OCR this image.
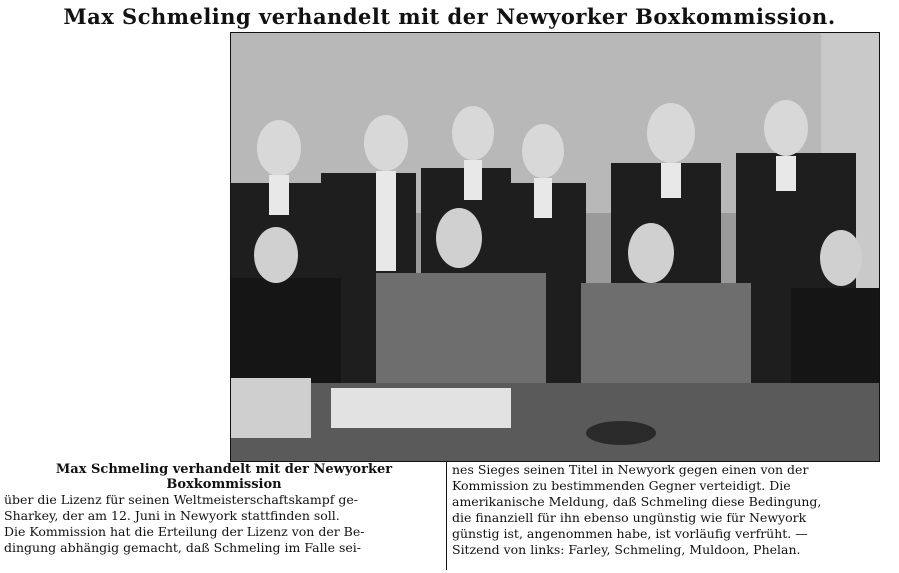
Max Schmeling verhandelt mit der Newyorker Boxkommission.
Max Schmeling verhandelt mit der Newyorker
Boxkommission
über die Lizenz für seinen Weltmeisterschaftskampf ge-
Sharkey, der am 12. Juni in Newyork stattfinden soll.
Die Kommission hat die Erteilung der Lizenz von der Be-
dingung abhängig gemacht, daß Schmeling im Falle sei-
nes Sieges seinen Titel in Newyork gegen einen von der
Kommission zu bestimmenden Gegner verteidigt. Die
amerikanische Meldung, daß Schmeling diese Bedingung,
die finanziell für ihn ebenso ungünstig wie für Newyork
günstig ist, angenommen habe, ist vorläufig verfrüht. —
Sitzend von links: Farley, Schmeling, Muldoon, Phelan.
